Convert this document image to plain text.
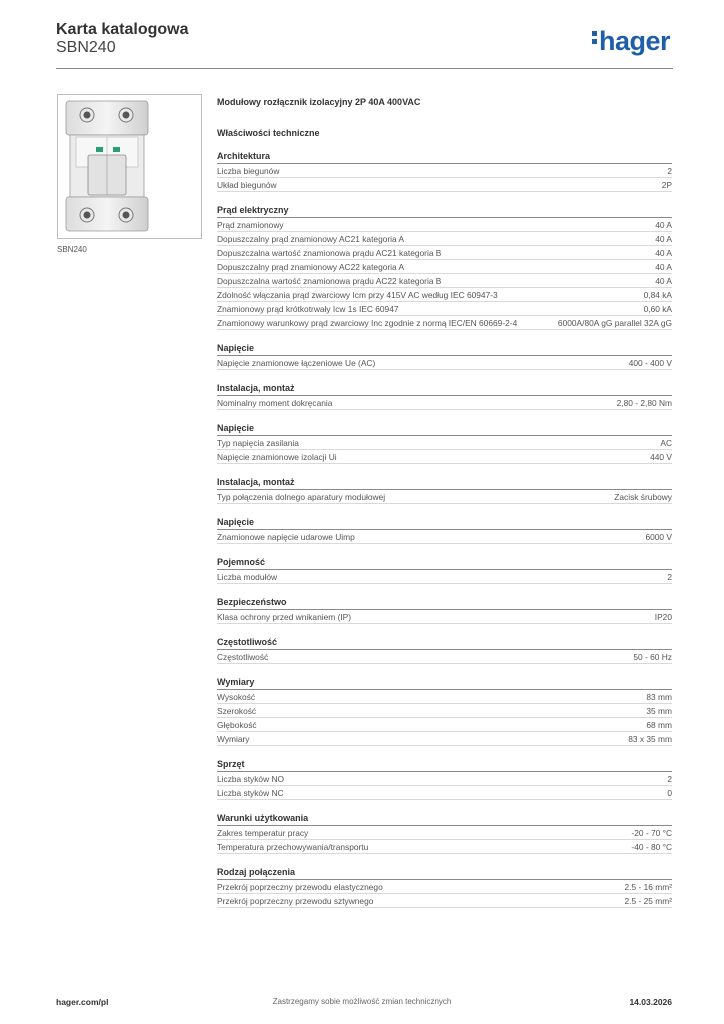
Karta katalogowa
SBN240	hager
SBN240
Modułowy rozłącznik izolacyjny 2P 40A 400VAC
Właściwości techniczne
Architektura
Liczba biegunów	2
Układ biegunów	2P
Prąd elektryczny
Prąd znamionowy	40 A
Dopuszczalny prąd znamionowy AC21 kategoria A	40 A
Dopuszczalna wartość znamionowa prądu AC21 kategoria B	40 A
Dopuszczalny prąd znamionowy AC22 kategoria A	40 A
Dopuszczalna wartość znamionowa prądu AC22 kategoria B	40 A
Zdolność włączania prąd zwarciowy Icm przy 415V AC według IEC 60947-3	0,84 kA
Znamionowy prąd krótkotrwały Icw 1s IEC 60947	0,60 kA
Znamionowy warunkowy prąd zwarciowy Inc zgodnie z normą IEC/EN 60669-2-4	6000A/80A gG parallel 32A gG
Napięcie
Napięcie znamionowe łączeniowe Ue (AC)	400 - 400 V
Instalacja, montaż
Nominalny moment dokręcania	2,80 - 2,80 Nm
Napięcie
Typ napięcia zasilania	AC
Napięcie znamionowe izolacji Ui	440 V
Instalacja, montaż
Typ połączenia dolnego aparatury modułowej	Zacisk śrubowy
Napięcie
Znamionowe napięcie udarowe Uimp	6000 V
Pojemność
Liczba modułów	2
Bezpieczeństwo
Klasa ochrony przed wnikaniem (IP)	IP20
Częstotliwość
Częstotliwość	50 - 60 Hz
Wymiary
Wysokość	83 mm
Szerokość	35 mm
Głębokość	68 mm
Wymiary	83 x 35 mm
Sprzęt
Liczba styków NO	2
Liczba styków NC	0
Warunki użytkowania
Zakres temperatur pracy	-20 - 70 °C
Temperatura przechowywania/transportu	-40 - 80 °C
Rodzaj połączenia
Przekrój poprzeczny przewodu elastycznego	2.5 - 16 mm²
Przekrój poprzeczny przewodu sztywnego	2.5 - 25 mm²
hager.com/pl	Zastrzegamy sobie możliwość zmian technicznych	14.03.2026
